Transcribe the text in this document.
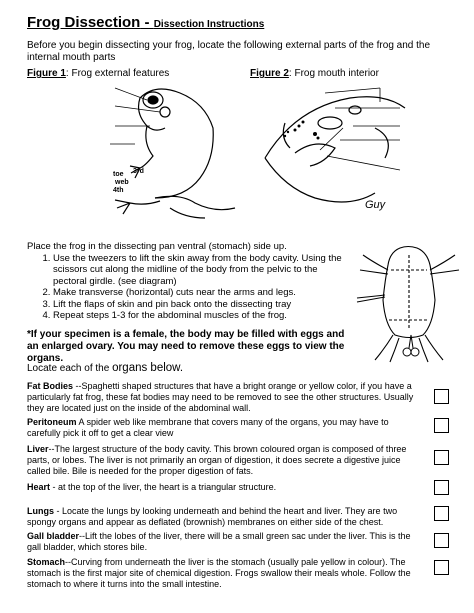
Frog Dissection - Dissection Instructions
Before you begin dissecting your frog, locate the following external parts of the frog and the internal mouth parts
Figure 1: Frog external features	Figure 2: Frog mouth interior
toe
web
3rd
4th
Guy
Place the frog in the dissecting pan ventral (stomach) side up.
1. Use the tweezers to lift the skin away from the body cavity. Using the scissors cut along the midline of the body from the pelvic to the pectoral girdle. (see diagram)
2. Make transverse (horizontal) cuts near the arms and legs.
3. Lift the flaps of skin and pin back onto the dissecting tray
4. Repeat steps 1-3 for the abdominal muscles of the frog.
*If your specimen is a female, the body may be filled with eggs and an enlarged ovary. You may need to remove these eggs to view the organs.
Locate each of the organs below.
Fat Bodies --Spaghetti shaped structures that have a bright orange or yellow color, if you have a particularly fat frog, these fat bodies may need to be removed to see the other structures. Usually they are located just on the inside of the abdominal wall.
Peritoneum A spider web like membrane that covers many of the organs, you may have to carefully pick it off to get a clear view
Liver--The largest structure of the body cavity. This brown coloured organ is composed of three parts, or lobes. The liver is not primarily an organ of digestion, it does secrete a digestive juice called bile. Bile is needed for the proper digestion of fats.
Heart - at the top of the liver, the heart is a triangular structure.
Lungs - Locate the lungs by looking underneath and behind the heart and liver. They are two spongy organs and appear as deflated (brownish) membranes on either side of the chest.
Gall bladder--Lift the lobes of the liver, there will be a small green sac under the liver. This is the gall bladder, which stores bile.
Stomach--Curving from underneath the liver is the stomach (usually pale yellow in colour). The stomach is the first major site of chemical digestion. Frogs swallow their meals whole. Follow the stomach to where it turns into the small intestine.
